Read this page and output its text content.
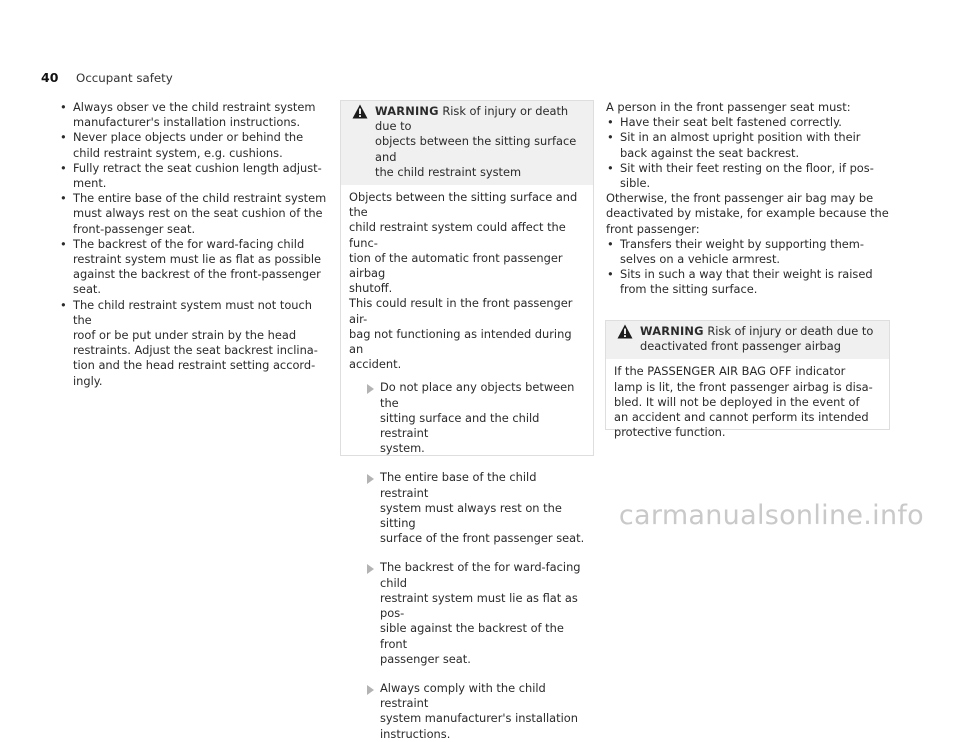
40 Occupant safety
• Always obser ve the child restraint system
manufacturer's installation instructions.
• Never place objects under or behind the
child restraint system, e.g. cushions.
• Fully retract the seat cushion length adjust-
ment.
• The entire base of the child restraint system
must always rest on the seat cushion of the
front-passenger seat.
• The backrest of the for ward-facing child
restraint system must lie as flat as possible
against the backrest of the front-passenger
seat.
• The child restraint system must not touch the
roof or be put under strain by the head
restraints. Adjust the seat backrest inclina-
tion and the head restraint setting accord-
ingly.
WARNING Risk of injury or death due to
objects between the sitting surface and
the child restraint system
Objects between the sitting surface and the
child restraint system could affect the func-
tion of the automatic front passenger airbag
shutoff.
This could result in the front passenger air-
bag not functioning as intended during an
accident.
Do not place any objects between the
sitting surface and the child restraint
system.
The entire base of the child restraint
system must always rest on the sitting
surface of the front passenger seat.
The backrest of the for ward-facing child
restraint system must lie as flat as pos-
sible against the backrest of the front
passenger seat.
Always comply with the child restraint
system manufacturer's installation
instructions.
A person in the front passenger seat must:
• Have their seat belt fastened correctly.
• Sit in an almost upright position with their
back against the seat backrest.
• Sit with their feet resting on the floor, if pos-
sible.
Otherwise, the front passenger air bag may be
deactivated by mistake, for example because the
front passenger:
• Transfers their weight by supporting them-
selves on a vehicle armrest.
• Sits in such a way that their weight is raised
from the sitting surface.
WARNING Risk of injury or death due to
deactivated front passenger airbag
If the PASSENGER AIR BAG OFF indicator
lamp is lit, the front passenger airbag is disa-
bled. It will not be deployed in the event of
an accident and cannot perform its intended
protective function.
carmanualsonline.info
